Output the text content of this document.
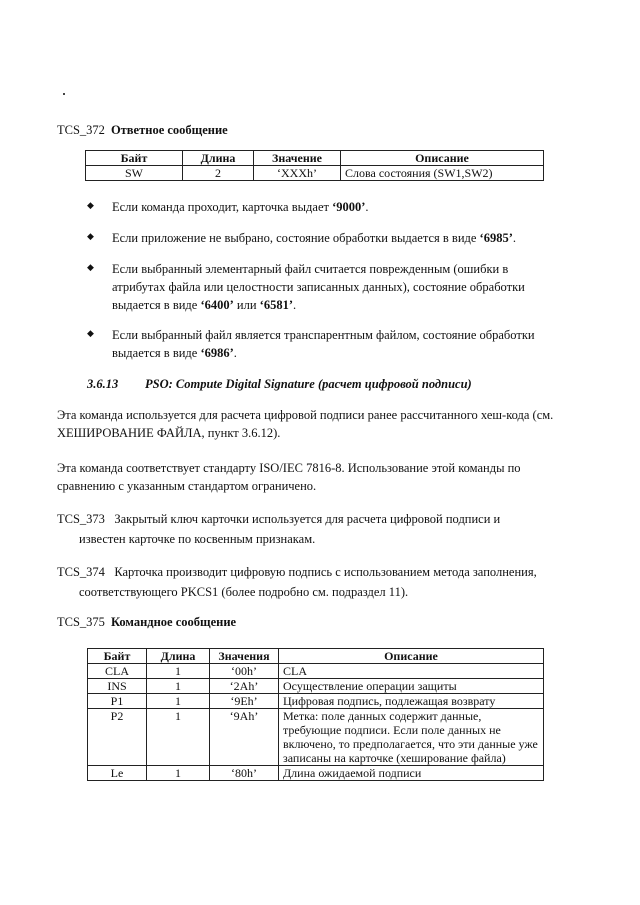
TCS_372 Ответное сообщение
Байт	Длина	Значение	Описание
SW	2	‘XXXh’	Слова состояния (SW1,SW2)
◆ Если команда проходит, карточка выдает ‘9000’.
◆ Если приложение не выбрано, состояние обработки выдается в виде ‘6985’.
◆ Если выбранный элементарный файл считается поврежденным (ошибки в атрибутах файла или целостности записанных данных), состояние обработки выдается в виде ‘6400’ или ‘6581’.
◆ Если выбранный файл является транспарентным файлом, состояние обработки выдается в виде ‘6986’.
3.6.13 PSO: Compute Digital Signature (расчет цифровой подписи)
Эта команда используется для расчета цифровой подписи ранее рассчитанного хеш-кода (см. ХЕШИРОВАНИЕ ФАЙЛА, пункт 3.6.12).
Эта команда соответствует стандарту ISO/IEC 7816-8. Использование этой команды по сравнению с указанным стандартом ограничено.
TCS_373 Закрытый ключ карточки используется для расчета цифровой подписи и
известен карточке по косвенным признакам.
TCS_374 Карточка производит цифровую подпись с использованием метода заполнения,
соответствующего PKCS1 (более подробно см. подраздел 11).
TCS_375 Командное сообщение
Байт	Длина	Значения	Описание
CLA	1	‘00h’	CLA
INS	1	‘2Ah’	Осуществление операции защиты
P1	1	‘9Eh’	Цифровая подпись, подлежащая возврату
P2	1	‘9Ah’	Метка: поле данных содержит данные, требующие подписи. Если поле данных не включено, то предполагается, что эти данные уже записаны на карточке (хеширование файла)
Le	1	‘80h’	Длина ожидаемой подписи
